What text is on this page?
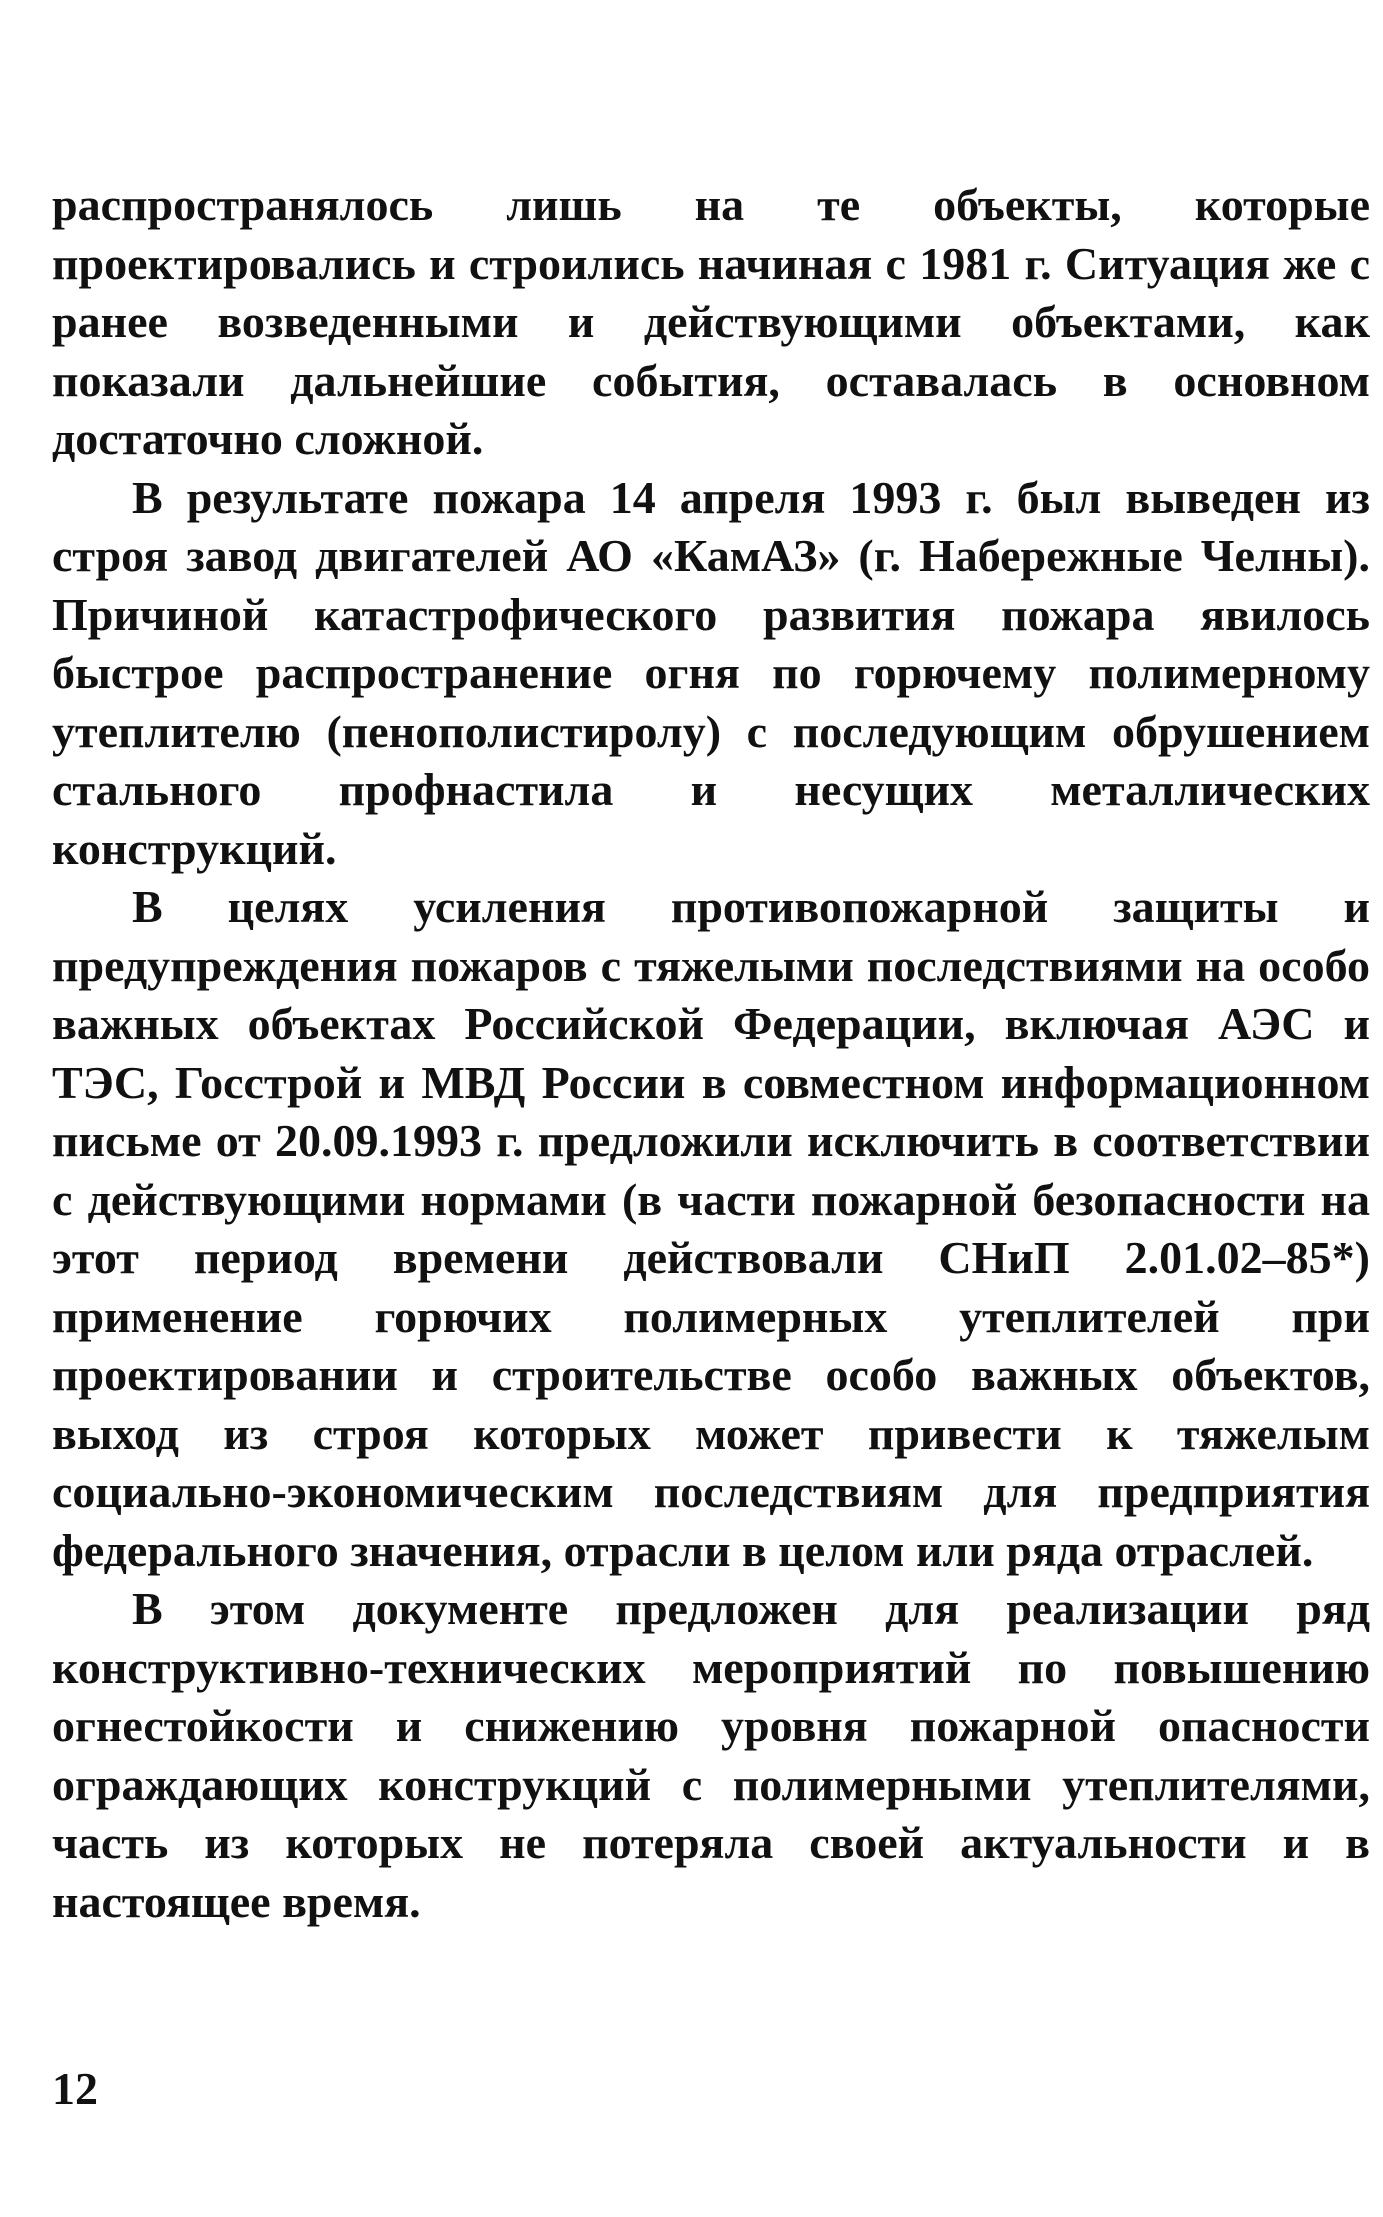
распространялось лишь на те объекты, которые проектировались и строились начиная с 1981 г. Ситуация же с ранее возведенными и действующими объектами, как показали дальнейшие события, оставалась в основном достаточно сложной.

В результате пожара 14 апреля 1993 г. был выведен из строя завод двигателей АО «КамАЗ» (г. Набережные Челны). Причиной катастрофического развития пожара явилось быстрое распространение огня по горючему полимерному утеплителю (пенополистиролу) с последующим обрушением стального профнастила и несущих металлических конструкций.

В целях усиления противопожарной защиты и предупреждения пожаров с тяжелыми последствиями на особо важных объектах Российской Федерации, включая АЭС и ТЭС, Госстрой и МВД России в совместном информационном письме от 20.09.1993 г. предложили исключить в соответствии с действующими нормами (в части пожарной безопасности на этот период времени действовали СНиП 2.01.02–85*) применение горючих полимерных утеплителей при проектировании и строительстве особо важных объектов, выход из строя которых может привести к тяжелым социально-экономическим последствиям для предприятия федерального значения, отрасли в целом или ряда отраслей.

В этом документе предложен для реализации ряд конструктивно-технических мероприятий по повышению огнестойкости и снижению уровня пожарной опасности ограждающих конструкций с полимерными утеплителями, часть из которых не потеряла своей актуальности и в настоящее время.

12
